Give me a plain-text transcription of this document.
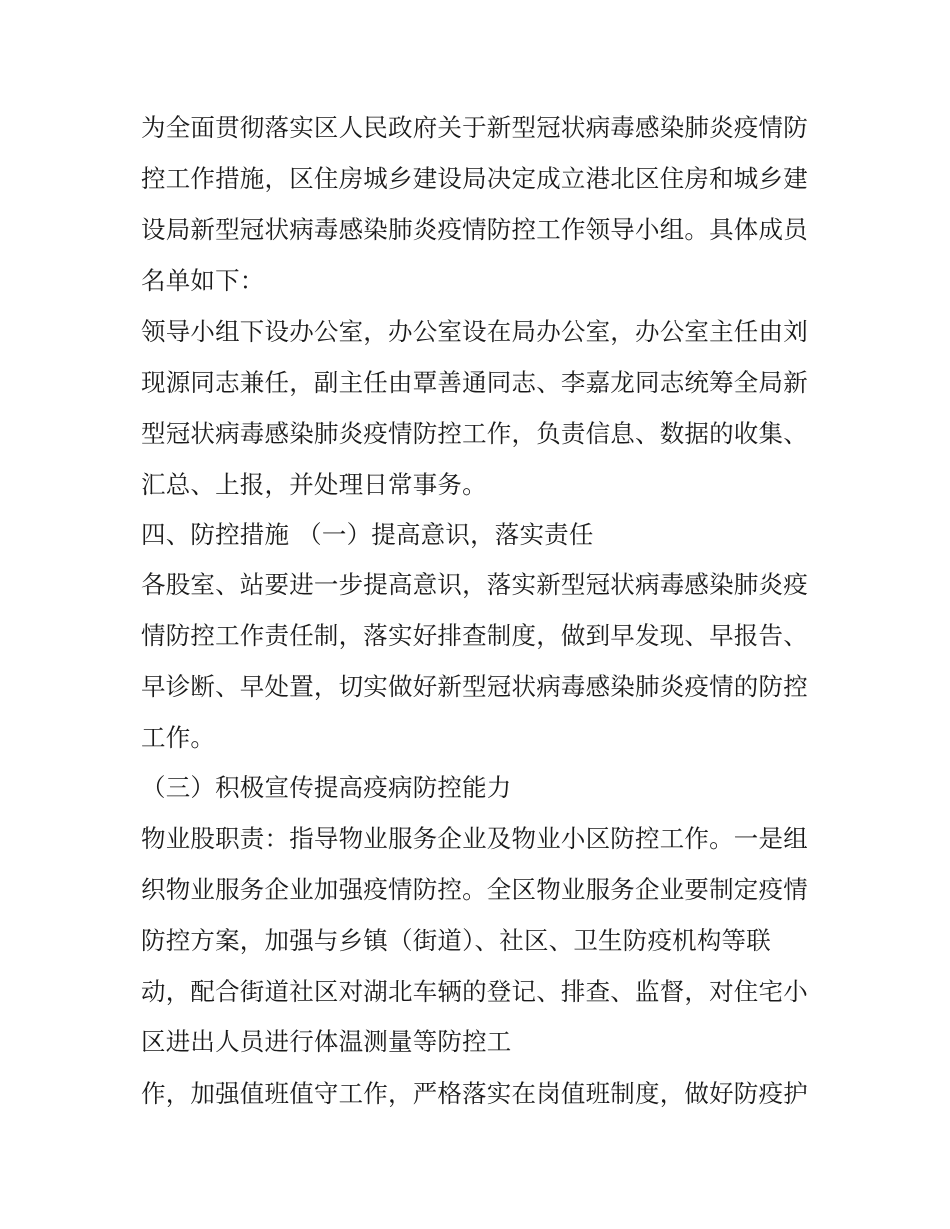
为全面贯彻落实区人民政府关于新型冠状病毒感染肺炎疫情防
控工作措施，区住房城乡建设局决定成立港北区住房和城乡建
设局新型冠状病毒感染肺炎疫情防控工作领导小组。具体成员
名单如下：
领导小组下设办公室，办公室设在局办公室，办公室主任由刘
现源同志兼任，副主任由覃善通同志、李嘉龙同志统筹全局新
型冠状病毒感染肺炎疫情防控工作，负责信息、数据的收集、
汇总、上报，并处理日常事务。
四、防控措施 （一）提高意识，落实责任
各股室、站要进一步提高意识，落实新型冠状病毒感染肺炎疫
情防控工作责任制，落实好排查制度，做到早发现、早报告、
早诊断、早处置，切实做好新型冠状病毒感染肺炎疫情的防控
工作。
（三）积极宣传提高疫病防控能力
物业股职责：指导物业服务企业及物业小区防控工作。一是组
织物业服务企业加强疫情防控。全区物业服务企业要制定疫情
防控方案，加强与乡镇（街道）、社区、卫生防疫机构等联
动，配合街道社区对湖北车辆的登记、排查、监督，对住宅小
区进出人员进行体温测量等防控工
作，加强值班值守工作，严格落实在岗值班制度，做好防疫护
